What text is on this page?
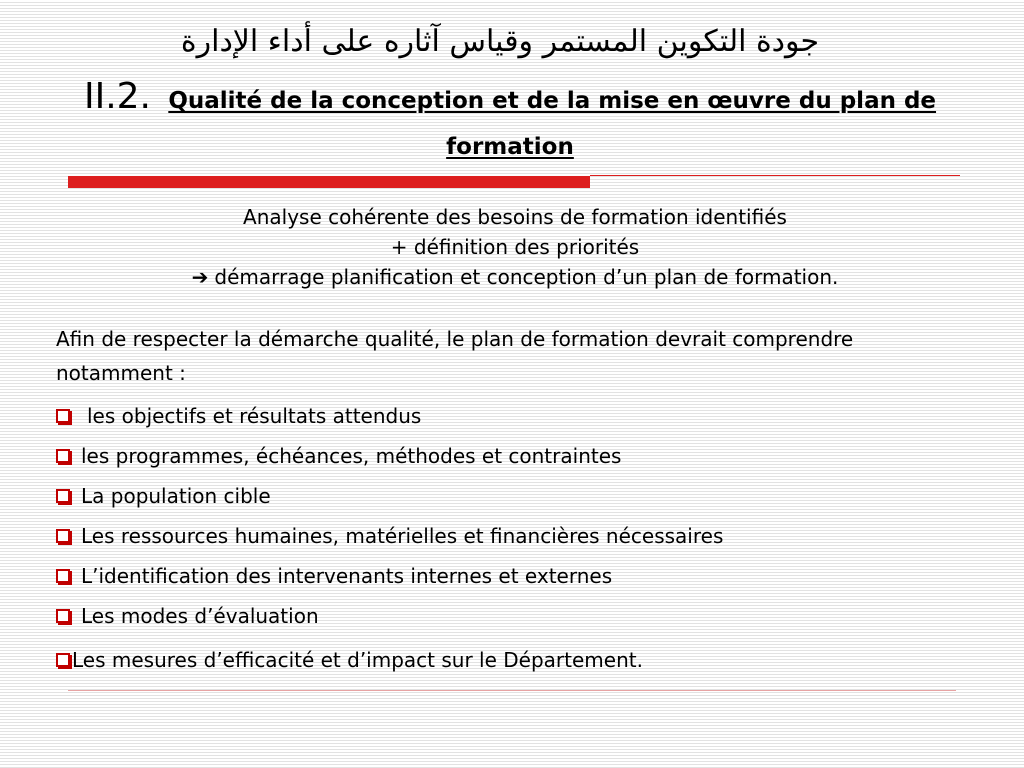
جودة التكوين المستمر وقياس آثاره على أداء الإدارة
II.2. Qualité de la conception et de la mise en œuvre du plan de formation
Analyse cohérente des besoins de formation identifiés
+ définition des priorités
➔ démarrage planification et conception d’un plan de formation.
Afin de respecter la démarche qualité, le plan de formation devrait comprendre notamment :
les objectifs et résultats attendus
les programmes, échéances, méthodes et contraintes
La population cible
Les ressources humaines, matérielles et financières nécessaires
L’identification des intervenants internes et externes
Les modes d’évaluation
Les mesures d’efficacité et d’impact sur le Département.
